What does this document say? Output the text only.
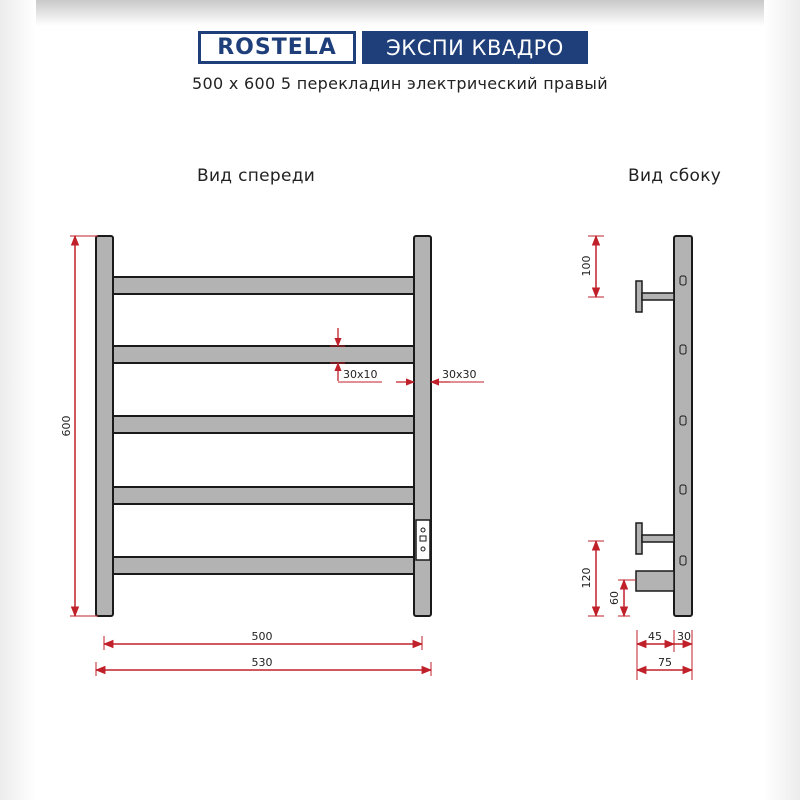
ROSTELA	ЭКСПИ КВАДРО
500 х 600 5 перекладин электрический правый
Вид спереди	Вид сбоку
600
30x10	30x30
500
530
100
120
60
45 30
75
